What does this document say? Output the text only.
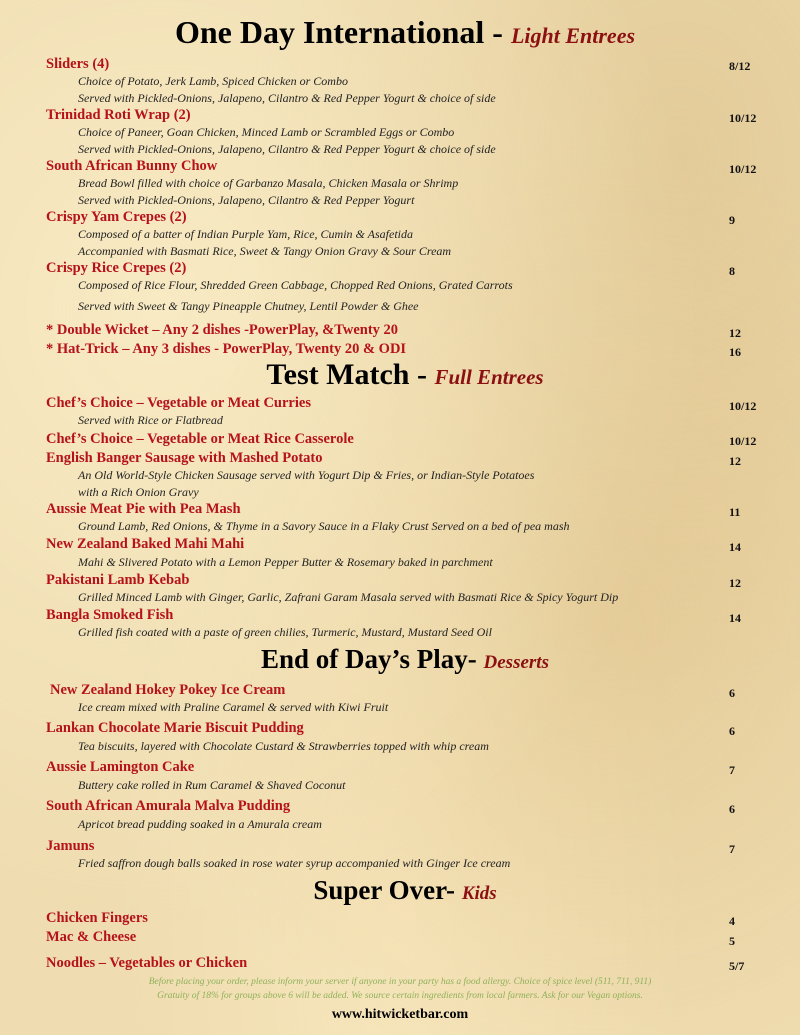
One Day International - Light Entrees
Sliders (4)	8/12
Choice of Potato, Jerk Lamb, Spiced Chicken or Combo
Served with Pickled-Onions, Jalapeno, Cilantro & Red Pepper Yogurt & choice of side
Trinidad Roti Wrap (2)	10/12
Choice of Paneer, Goan Chicken, Minced Lamb or Scrambled Eggs or Combo
Served with Pickled-Onions, Jalapeno, Cilantro & Red Pepper Yogurt & choice of side
South African Bunny Chow	10/12
Bread Bowl filled with choice of Garbanzo Masala, Chicken Masala or Shrimp
Served with Pickled-Onions, Jalapeno, Cilantro & Red Pepper Yogurt
Crispy Yam Crepes (2)	9
Composed of a batter of Indian Purple Yam, Rice, Cumin & Asafetida
Accompanied with Basmati Rice, Sweet & Tangy Onion Gravy & Sour Cream
Crispy Rice Crepes (2)	8
Composed of Rice Flour, Shredded Green Cabbage, Chopped Red Onions, Grated Carrots
Served with Sweet & Tangy Pineapple Chutney, Lentil Powder & Ghee
* Double Wicket – Any 2 dishes -PowerPlay, &Twenty 20	12
* Hat-Trick – Any 3 dishes - PowerPlay, Twenty 20 & ODI	16
Test Match - Full Entrees
Chef’s Choice – Vegetable or Meat Curries	10/12
Served with Rice or Flatbread
Chef’s Choice – Vegetable or Meat Rice Casserole	10/12
English Banger Sausage with Mashed Potato	12
An Old World-Style Chicken Sausage served with Yogurt Dip & Fries, or Indian-Style Potatoes
with a Rich Onion Gravy
Aussie Meat Pie with Pea Mash	11
Ground Lamb, Red Onions, & Thyme in a Savory Sauce in a Flaky Crust Served on a bed of pea mash
New Zealand Baked Mahi Mahi	14
Mahi & Slivered Potato with a Lemon Pepper Butter & Rosemary baked in parchment
Pakistani Lamb Kebab	12
Grilled Minced Lamb with Ginger, Garlic, Zafrani Garam Masala served with Basmati Rice & Spicy Yogurt Dip
Bangla Smoked Fish	14
Grilled fish coated with a paste of green chilies, Turmeric, Mustard, Mustard Seed Oil
End of Day’s Play- Desserts
New Zealand Hokey Pokey Ice Cream	6
Ice cream mixed with Praline Caramel & served with Kiwi Fruit
Lankan Chocolate Marie Biscuit Pudding	6
Tea biscuits, layered with Chocolate Custard & Strawberries topped with whip cream
Aussie Lamington Cake	7
Buttery cake rolled in Rum Caramel & Shaved Coconut
South African Amurala Malva Pudding	6
Apricot bread pudding soaked in a Amurala cream
Jamuns	7
Fried saffron dough balls soaked in rose water syrup accompanied with Ginger Ice cream
Super Over- Kids
Chicken Fingers	4
Mac & Cheese	5
Noodles – Vegetables or Chicken	5/7
Before placing your order, please inform your server if anyone in your party has a food allergy. Choice of spice level (511, 711, 911)
Gratuity of 18% for groups above 6 will be added. We source certain ingredients from local farmers. Ask for our Vegan options.
www.hitwicketbar.com
